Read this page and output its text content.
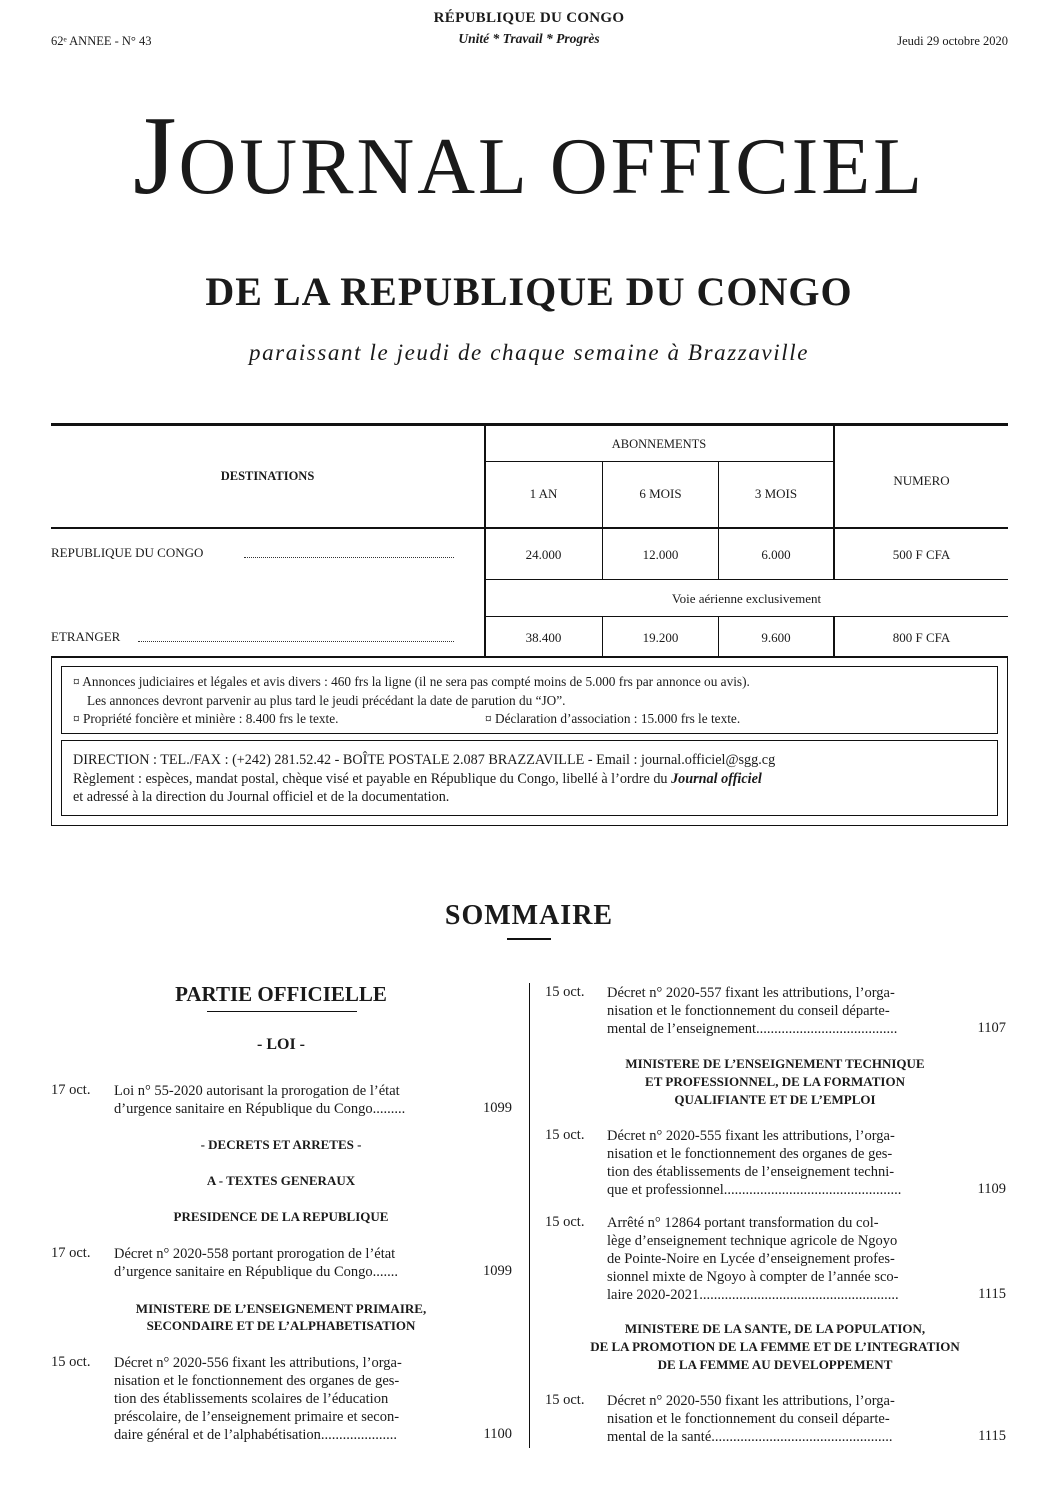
62ᵉ ANNEE - N° 43
RÉPUBLIQUE DU CONGO
Unité * Travail * Progrès	Jeudi 29 octobre 2020
JOURNAL OFFICIEL
DE LA REPUBLIQUE DU CONGO
paraissant le jeudi de chaque semaine à Brazzaville
DESTINATIONS
ABONNEMENTS
1 AN	6 MOIS	3 MOIS
NUMERO
REPUBLIQUE DU CONGO	24.000	12.000	6.000	500 F CFA
Voie aérienne exclusivement
ETRANGER	38.400	19.200	9.600	800 F CFA
¤ Annonces judiciaires et légales et avis divers : 460 frs la ligne (il ne sera pas compté moins de 5.000 frs par annonce ou avis).
Les annonces devront parvenir au plus tard le jeudi précédant la date de parution du “JO”.
¤ Propriété foncière et minière : 8.400 frs le texte.	¤ Déclaration d’association : 15.000 frs le texte.
DIRECTION : TEL./FAX : (+242) 281.52.42 - BOÎTE POSTALE 2.087 BRAZZAVILLE - Email : journal.officiel@sgg.cg
Règlement : espèces, mandat postal, chèque visé et payable en République du Congo, libellé à l’ordre du Journal officiel
et adressé à la direction du Journal officiel et de la documentation.
SOMMAIRE
PARTIE OFFICIELLE
- LOI -
17 oct. Loi n° 55-2020 autorisant la prorogation de l’état
d’urgence sanitaire en République du Congo.........	1099
- DECRETS ET ARRETES -
A - TEXTES GENERAUX
PRESIDENCE DE LA REPUBLIQUE
17 oct. Décret n° 2020-558 portant prorogation de l’état
d’urgence sanitaire en République du Congo.......	1099
MINISTERE DE L’ENSEIGNEMENT PRIMAIRE,
SECONDAIRE ET DE L’ALPHABETISATION
15 oct. Décret n° 2020-556 fixant les attributions, l’orga-
nisation et le fonctionnement des organes de ges-
tion des établissements scolaires de l’éducation
préscolaire, de l’enseignement primaire et secon-
daire général et de l’alphabétisation.....................	1100
15 oct. Décret n° 2020-557 fixant les attributions, l’orga-
nisation et le fonctionnement du conseil départe-
mental de l’enseignement.......................................	1107
MINISTERE DE L’ENSEIGNEMENT TECHNIQUE
ET PROFESSIONNEL, DE LA FORMATION
QUALIFIANTE ET DE L’EMPLOI
15 oct. Décret n° 2020-555 fixant les attributions, l’orga-
nisation et le fonctionnement des organes de ges-
tion des établissements de l’enseignement techni-
que et professionnel.................................................	1109
15 oct. Arrêté n° 12864 portant transformation du col-
lège d’enseignement technique agricole de Ngoyo
de Pointe-Noire en Lycée d’enseignement profes-
sionnel mixte de Ngoyo à compter de l’année sco-
laire 2020-2021.......................................................	1115
MINISTERE DE LA SANTE, DE LA POPULATION,
DE LA PROMOTION DE LA FEMME ET DE L’INTEGRATION
DE LA FEMME AU DEVELOPPEMENT
15 oct. Décret n° 2020-550 fixant les attributions, l’orga-
nisation et le fonctionnement du conseil départe-
mental de la santé..................................................	1115
